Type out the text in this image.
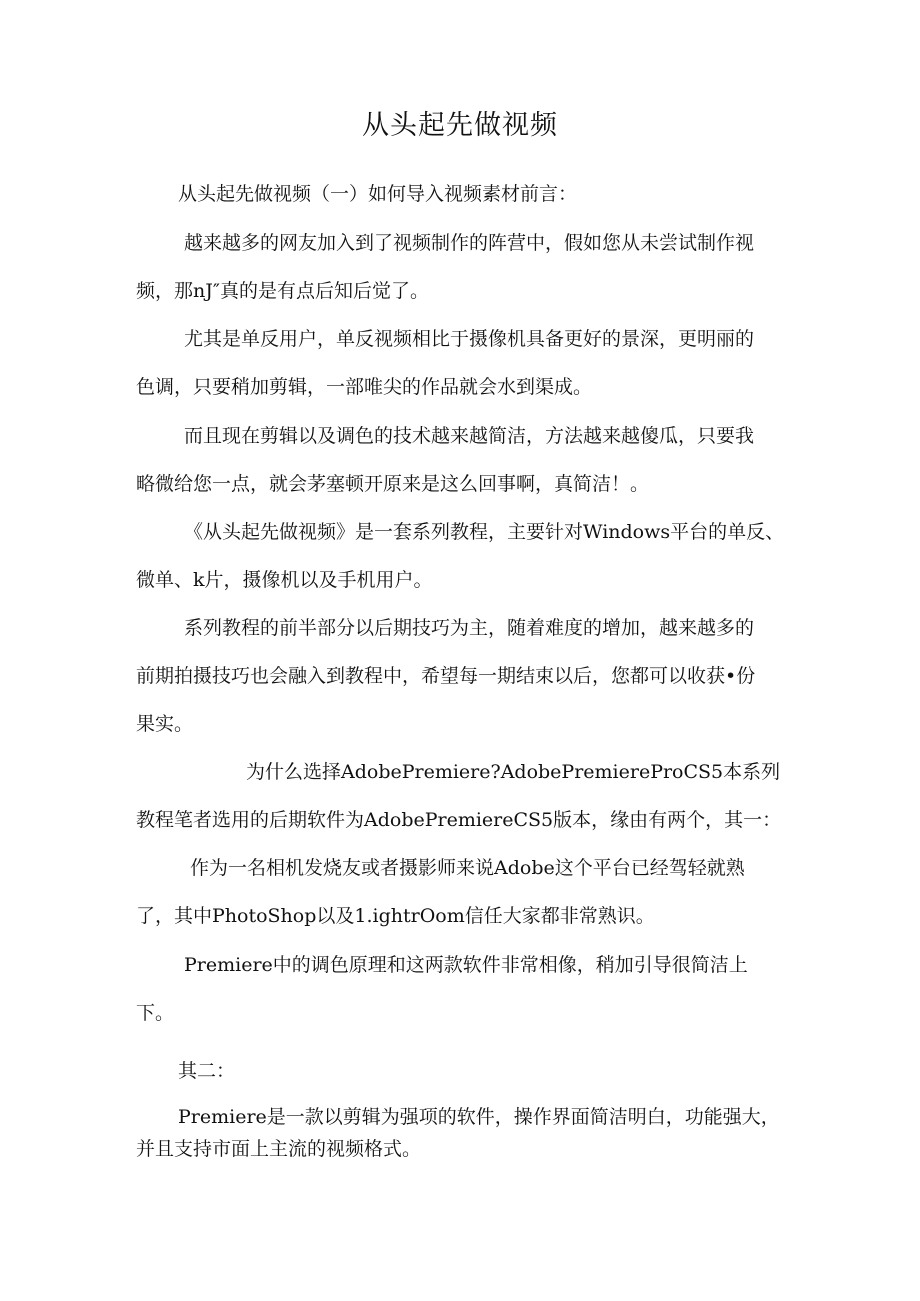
从头起先做视频
从头起先做视频（一）如何导入视频素材前言：
越来越多的网友加入到了视频制作的阵营中，假如您从未尝试制作视
频，那nJ″真的是有点后知后觉了。
尤其是单反用户，单反视频相比于摄像机具备更好的景深，更明丽的
色调，只要稍加剪辑，一部唯尖的作品就会水到渠成。
而且现在剪辑以及调色的技术越来越简洁，方法越来越傻瓜，只要我
略微给您一点，就会茅塞顿开原来是这么回事啊，真简洁！。
《从头起先做视频》是一套系列教程，主要针对Windows平台的单反、
微单、k片，摄像机以及手机用户。
系列教程的前半部分以后期技巧为主，随着难度的增加，越来越多的
前期拍摄技巧也会融入到教程中，希望每一期结束以后，您都可以收获•份
果实。
为什么选择AdobePremiere?AdobePremiereProCS5本系列
教程笔者选用的后期软件为AdobePremiereCS5版本，缘由有两个，其一：
作为一名相机发烧友或者摄影师来说Adobe这个平台已经驾轻就熟
了，其中PhotoShop以及1.ightrOom信任大家都非常熟识。
Premiere中的调色原理和这两款软件非常相像，稍加引导很简洁上
下。
其二：
Premiere是一款以剪辑为强项的软件，操作界面简洁明白，功能强大，
并且支持市面上主流的视频格式。
